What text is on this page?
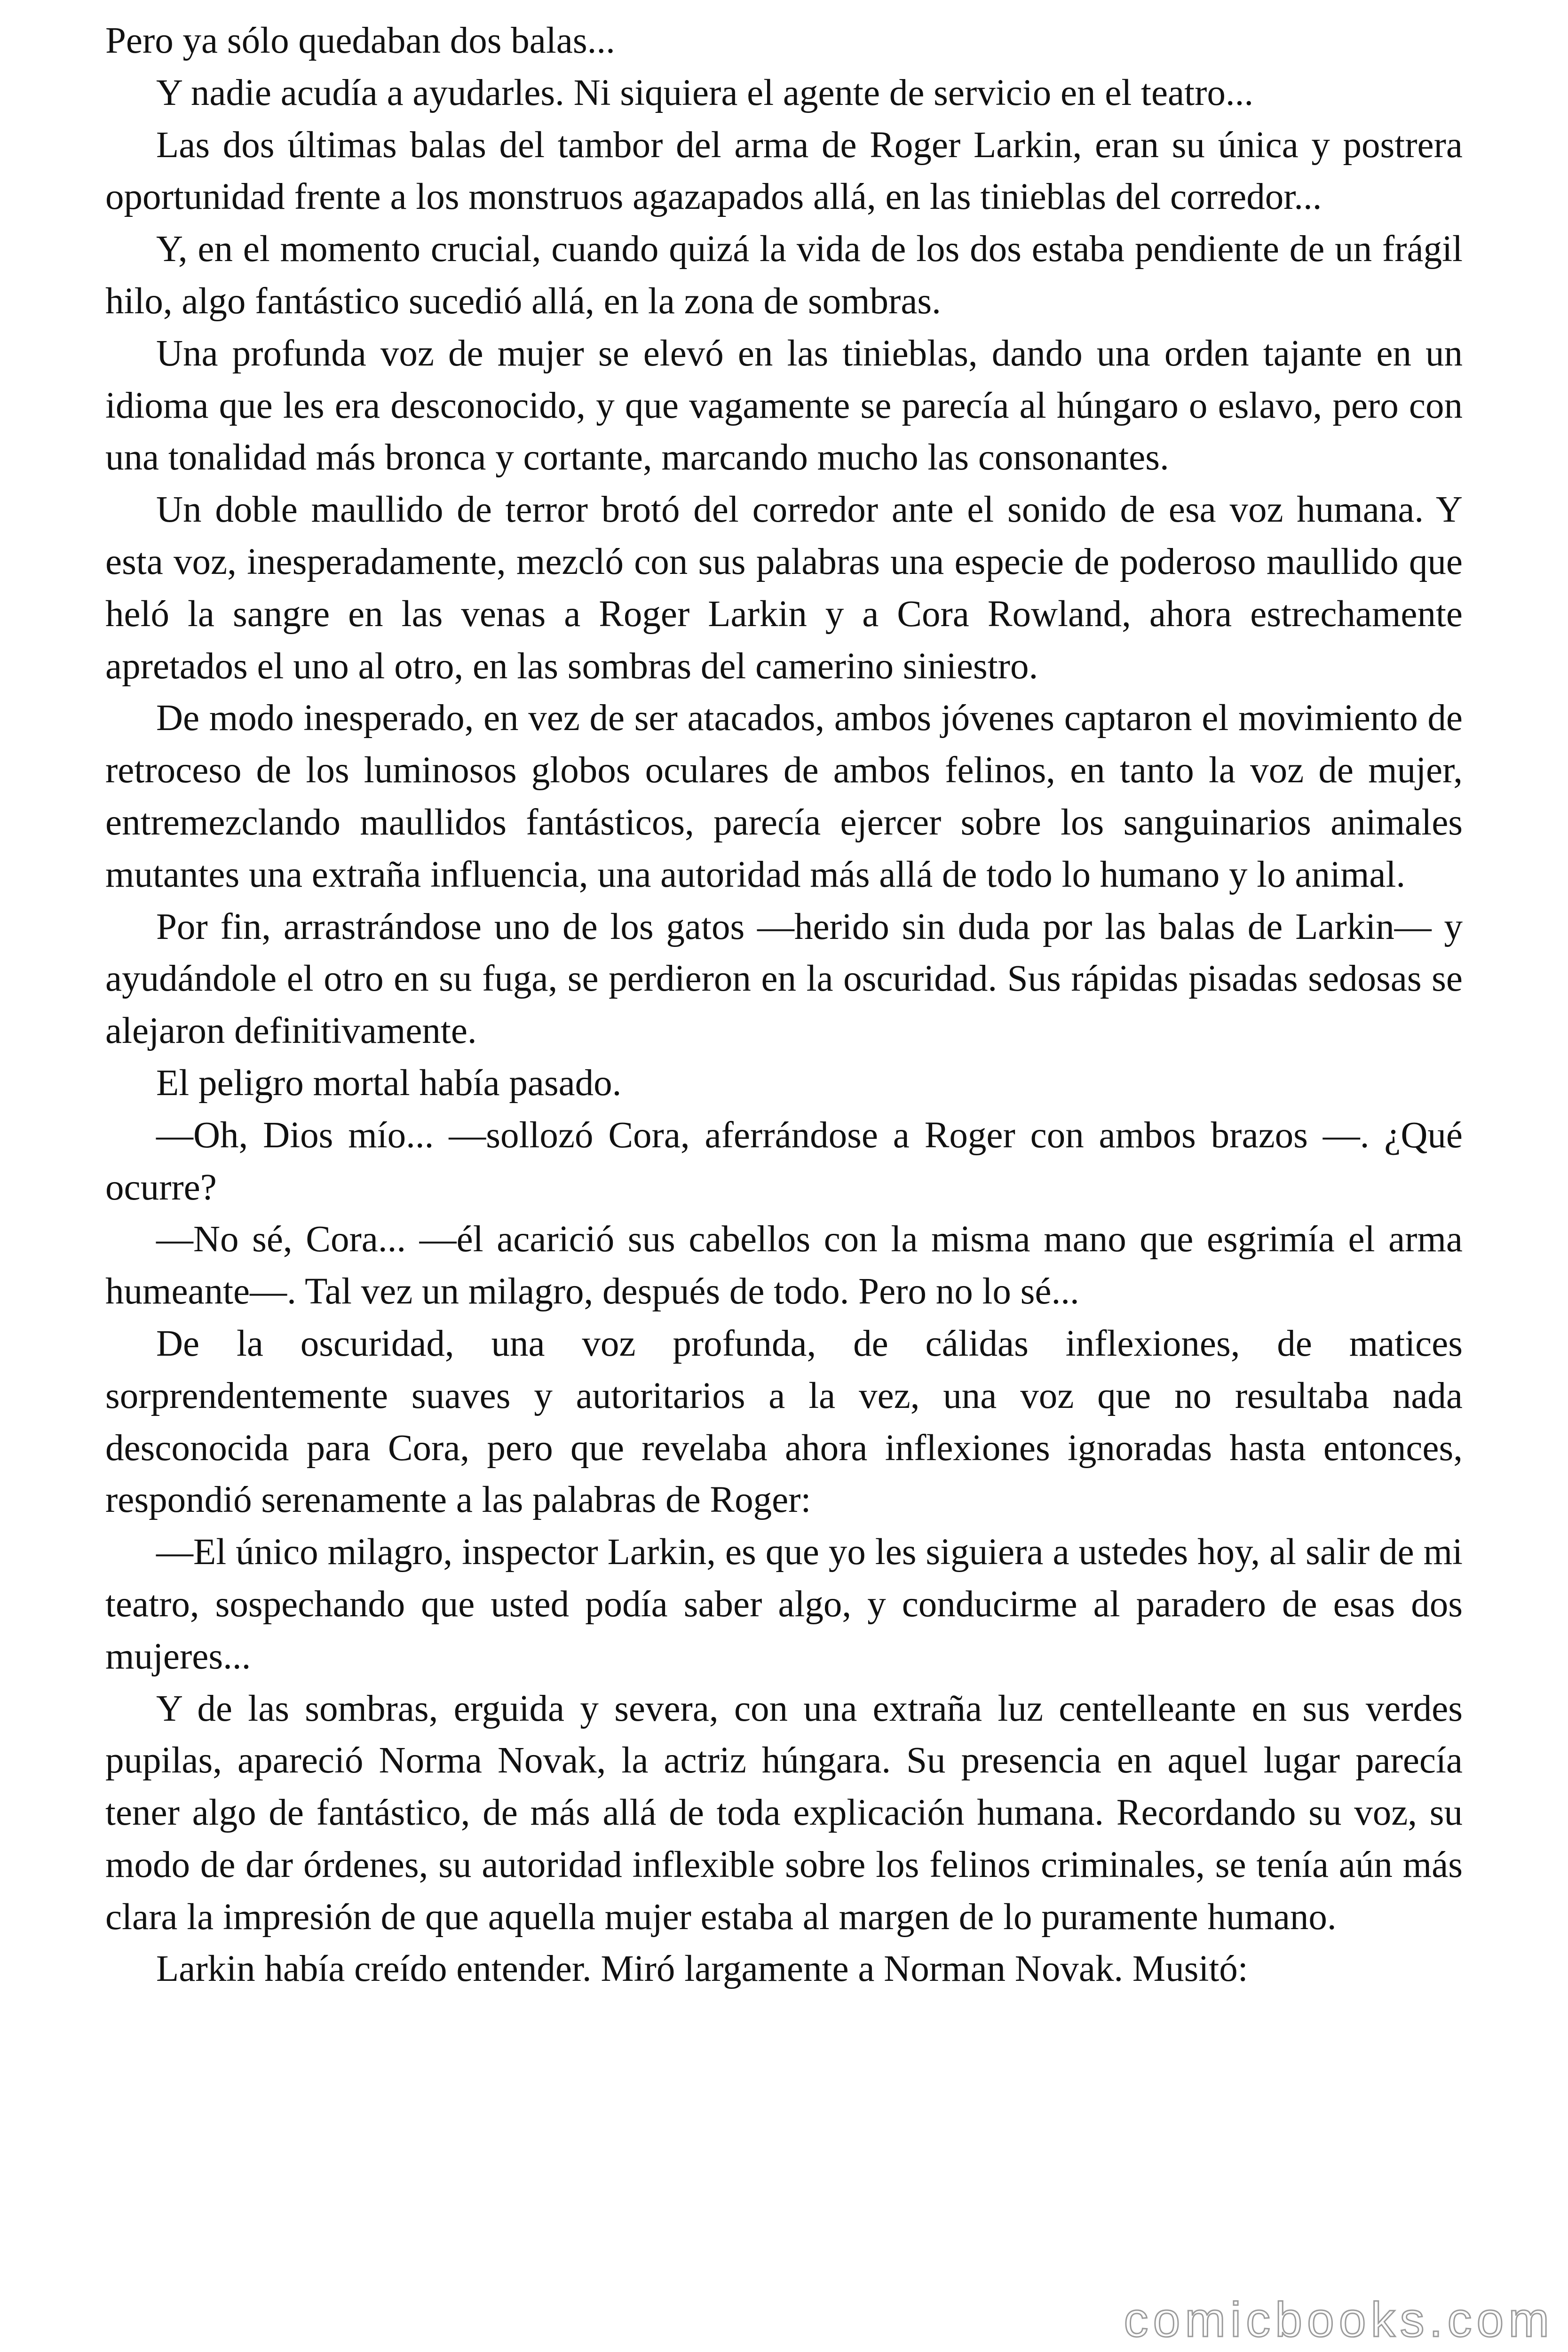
Pero ya sólo quedaban dos balas...

Y nadie acudía a ayudarles. Ni siquiera el agente de servicio en el teatro...

Las dos últimas balas del tambor del arma de Roger Larkin, eran su única y postrera oportunidad frente a los monstruos agazapados allá, en las tinieblas del corredor...

Y, en el momento crucial, cuando quizá la vida de los dos estaba pendiente de un frágil hilo, algo fantástico sucedió allá, en la zona de sombras.

Una profunda voz de mujer se elevó en las tinieblas, dando una orden tajante en un idioma que les era desconocido, y que vagamente se parecía al húngaro o eslavo, pero con una tonalidad más bronca y cortante, marcando mucho las consonantes.

Un doble maullido de terror brotó del corredor ante el sonido de esa voz humana. Y esta voz, inesperadamente, mezcló con sus palabras una especie de poderoso maullido que heló la sangre en las venas a Roger Larkin y a Cora Rowland, ahora estrechamente apretados el uno al otro, en las sombras del camerino siniestro.

De modo inesperado, en vez de ser atacados, ambos jóvenes captaron el movimiento de retroceso de los luminosos globos oculares de ambos felinos, en tanto la voz de mujer, entremezclando maullidos fantásticos, parecía ejercer sobre los sanguinarios animales mutantes una extraña influencia, una autoridad más allá de todo lo humano y lo animal.

Por fin, arrastrándose uno de los gatos —herido sin duda por las balas de Larkin— y ayudándole el otro en su fuga, se perdieron en la oscuridad. Sus rápidas pisadas sedosas se alejaron definitivamente.

El peligro mortal había pasado.

—Oh, Dios mío... —sollozó Cora, aferrándose a Roger con ambos brazos —. ¿Qué ocurre?

—No sé, Cora... —él acarició sus cabellos con la misma mano que esgrimía el arma humeante—. Tal vez un milagro, después de todo. Pero no lo sé...

De la oscuridad, una voz profunda, de cálidas inflexiones, de matices sorprendentemente suaves y autoritarios a la vez, una voz que no resultaba nada desconocida para Cora, pero que revelaba ahora inflexiones ignoradas hasta entonces, respondió serenamente a las palabras de Roger:

—El único milagro, inspector Larkin, es que yo les siguiera a ustedes hoy, al salir de mi teatro, sospechando que usted podía saber algo, y conducirme al paradero de esas dos mujeres...

Y de las sombras, erguida y severa, con una extraña luz centelleante en sus verdes pupilas, apareció Norma Novak, la actriz húngara. Su presencia en aquel lugar parecía tener algo de fantástico, de más allá de toda explicación humana. Recordando su voz, su modo de dar órdenes, su autoridad inflexible sobre los felinos criminales, se tenía aún más clara la impresión de que aquella mujer estaba al margen de lo puramente humano.

Larkin había creído entender. Miró largamente a Norman Novak. Musitó:

comicbooks.com
